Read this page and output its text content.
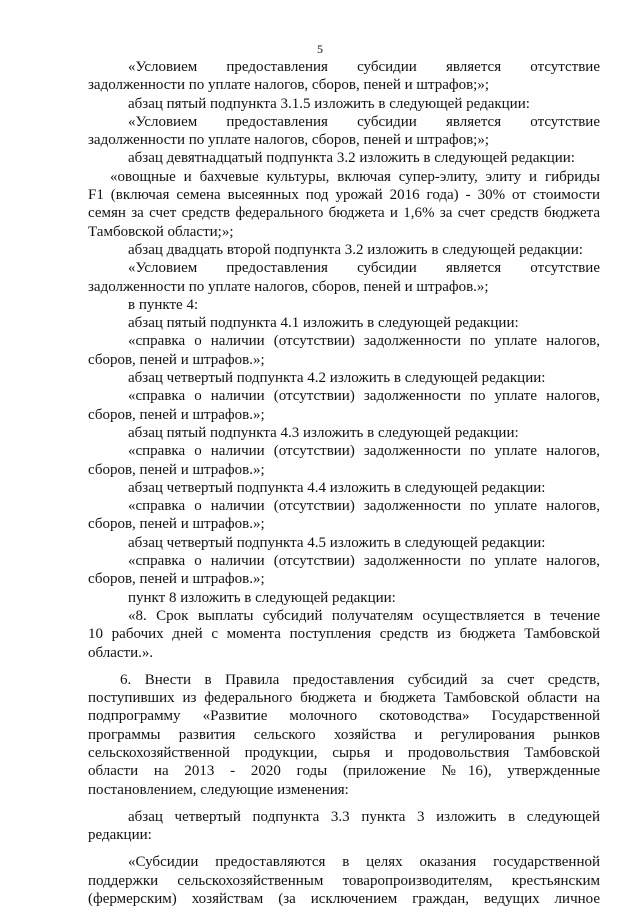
5
«Условием предоставления субсидии является отсутствие
задолженности по уплате налогов, сборов, пеней и штрафов;»;
абзац пятый подпункта 3.1.5 изложить в следующей редакции:
«Условием предоставления субсидии является отсутствие
задолженности по уплате налогов, сборов, пеней и штрафов;»;
абзац девятнадцатый подпункта 3.2 изложить в следующей редакции:
«овощные и бахчевые культуры, включая супер-элиту, элиту и гибриды
F1 (включая семена высеянных под урожай 2016 года) - 30% от стоимости
семян за счет средств федерального бюджета и 1,6% за счет средств бюджета
Тамбовской области;»;
абзац двадцать второй подпункта 3.2 изложить в следующей редакции:
«Условием предоставления субсидии является отсутствие
задолженности по уплате налогов, сборов, пеней и штрафов.»;
в пункте 4:
абзац пятый подпункта 4.1 изложить в следующей редакции:
«справка о наличии (отсутствии) задолженности по уплате налогов,
сборов, пеней и штрафов.»;
абзац четвертый подпункта 4.2 изложить в следующей редакции:
«справка о наличии (отсутствии) задолженности по уплате налогов,
сборов, пеней и штрафов.»;
абзац пятый подпункта 4.3 изложить в следующей редакции:
«справка о наличии (отсутствии) задолженности по уплате налогов,
сборов, пеней и штрафов.»;
абзац четвертый подпункта 4.4 изложить в следующей редакции:
«справка о наличии (отсутствии) задолженности по уплате налогов,
сборов, пеней и штрафов.»;
абзац четвертый подпункта 4.5 изложить в следующей редакции:
«справка о наличии (отсутствии) задолженности по уплате налогов,
сборов, пеней и штрафов.»;
пункт 8 изложить в следующей редакции:
«8. Срок выплаты субсидий получателям осуществляется в течение
10 рабочих дней с момента поступления средств из бюджета Тамбовской
области.».
6. Внести в Правила предоставления субсидий за счет средств,
поступивших из федерального бюджета и бюджета Тамбовской области на
подпрограмму «Развитие молочного скотоводства» Государственной
программы развития сельского хозяйства и регулирования рынков
сельскохозяйственной продукции, сырья и продовольствия Тамбовской
области на 2013 - 2020 годы (приложение №16), утвержденные
постановлением, следующие изменения:
абзац четвертый подпункта 3.3 пункта 3 изложить в следующей
редакции:
«Субсидии предоставляются в целях оказания государственной
поддержки сельскохозяйственным товаропроизводителям, крестьянским
(фермерским) хозяйствам (за исключением граждан, ведущих личное
